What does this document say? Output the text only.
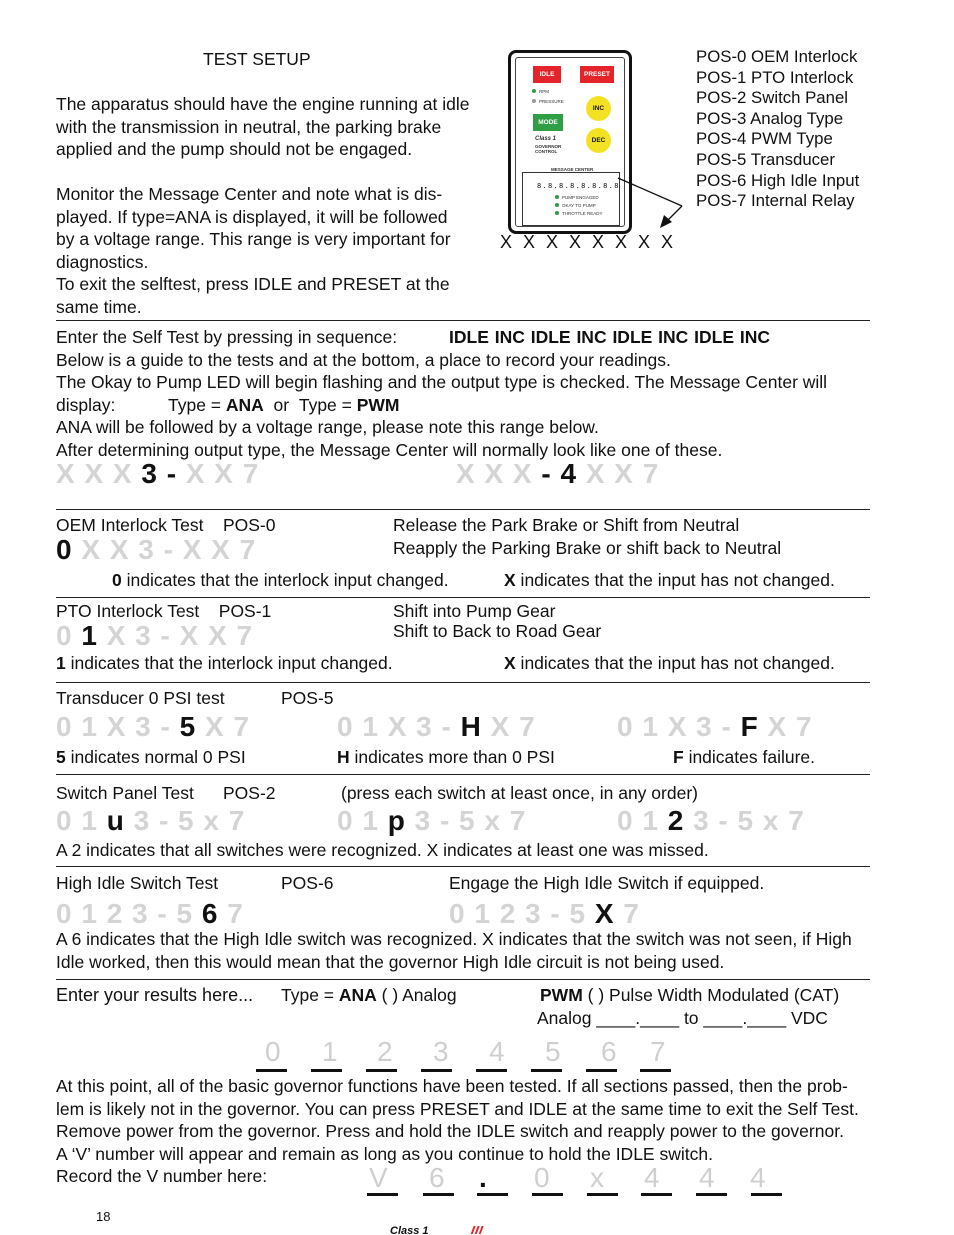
TEST SETUP
The apparatus should have the engine running at idle
with the transmission in neutral, the parking brake
applied and the pump should not be engaged.
Monitor the Message Center and note what is dis-
played. If type=ANA is displayed, it will be followed
by a voltage range. This range is very important for
diagnostics.
To exit the selftest, press IDLE and PRESET at the
same time.
IDLE	PRESET
RPM
PRESSURE
INC
MODE
Class 1
GOVERNOR
CONTROL
DEC
MESSAGE CENTER
8.8.8.8.8.8.8.8
PUMP ENGAGED
OKAY TO PUMP
THROTTLE READY
POS-0 OEM Interlock
POS-1 PTO Interlock
POS-2 Switch Panel
POS-3 Analog Type
POS-4 PWM Type
POS-5 Transducer
POS-6 High Idle Input
POS-7 Internal Relay
X X X X X X X X
Enter the Self Test by pressing in sequence:	IDLE INC IDLE INC IDLE INC IDLE INC
Below is a guide to the tests and at the bottom, a place to record your readings.
The Okay to Pump LED will begin flashing and the output type is checked. The Message Center will
display:	Type = ANA or Type = PWM
ANA will be followed by a voltage range, please note this range below.
After determining output type, the Message Center will normally look like one of these.
X X X 3 - X X 7	X X X - 4 X X 7
OEM Interlock Test POS-0	Release the Park Brake or Shift from Neutral
Reapply the Parking Brake or shift back to Neutral
0 X X 3 - X X 7
0 indicates that the interlock input changed.	X indicates that the input has not changed.
PTO Interlock Test POS-1	Shift into Pump Gear
Shift to Back to Road Gear
0 1 X 3 - X X 7
1 indicates that the interlock input changed.	X indicates that the input has not changed.
Transducer 0 PSI test	POS-5
0 1 X 3 - 5 X 7	0 1 X 3 - H X 7	0 1 X 3 - F X 7
5 indicates normal 0 PSI	H indicates more than 0 PSI	F indicates failure.
Switch Panel Test POS-2	(press each switch at least once, in any order)
0 1 u 3 - 5 x 7	0 1 p 3 - 5 x 7	0 1 2 3 - 5 x 7
A 2 indicates that all switches were recognized. X indicates at least one was missed.
High Idle Switch Test	POS-6	Engage the High Idle Switch if equipped.
0 1 2 3 - 5 6 7	0 1 2 3 - 5 X 7
A 6 indicates that the High Idle switch was recognized. X indicates that the switch was not seen, if High
Idle worked, then this would mean that the governor High Idle circuit is not being used.
Enter your results here... Type = ANA ( ) Analog	PWM ( ) Pulse Width Modulated (CAT)
Analog ____.____ to ____.____ VDC
0 1 2 3 4 5 6 7
At this point, all of the basic governor functions have been tested. If all sections passed, then the prob-
lem is likely not in the governor. You can press PRESET and IDLE at the same time to exit the Self Test.
Remove power from the governor. Press and hold the IDLE switch and reapply power to the governor.
A ‘V’ number will appear and remain as long as you continue to hold the IDLE switch.
Record the V number here:	V 6 . 0 x 4 4 4
18
Class 1
